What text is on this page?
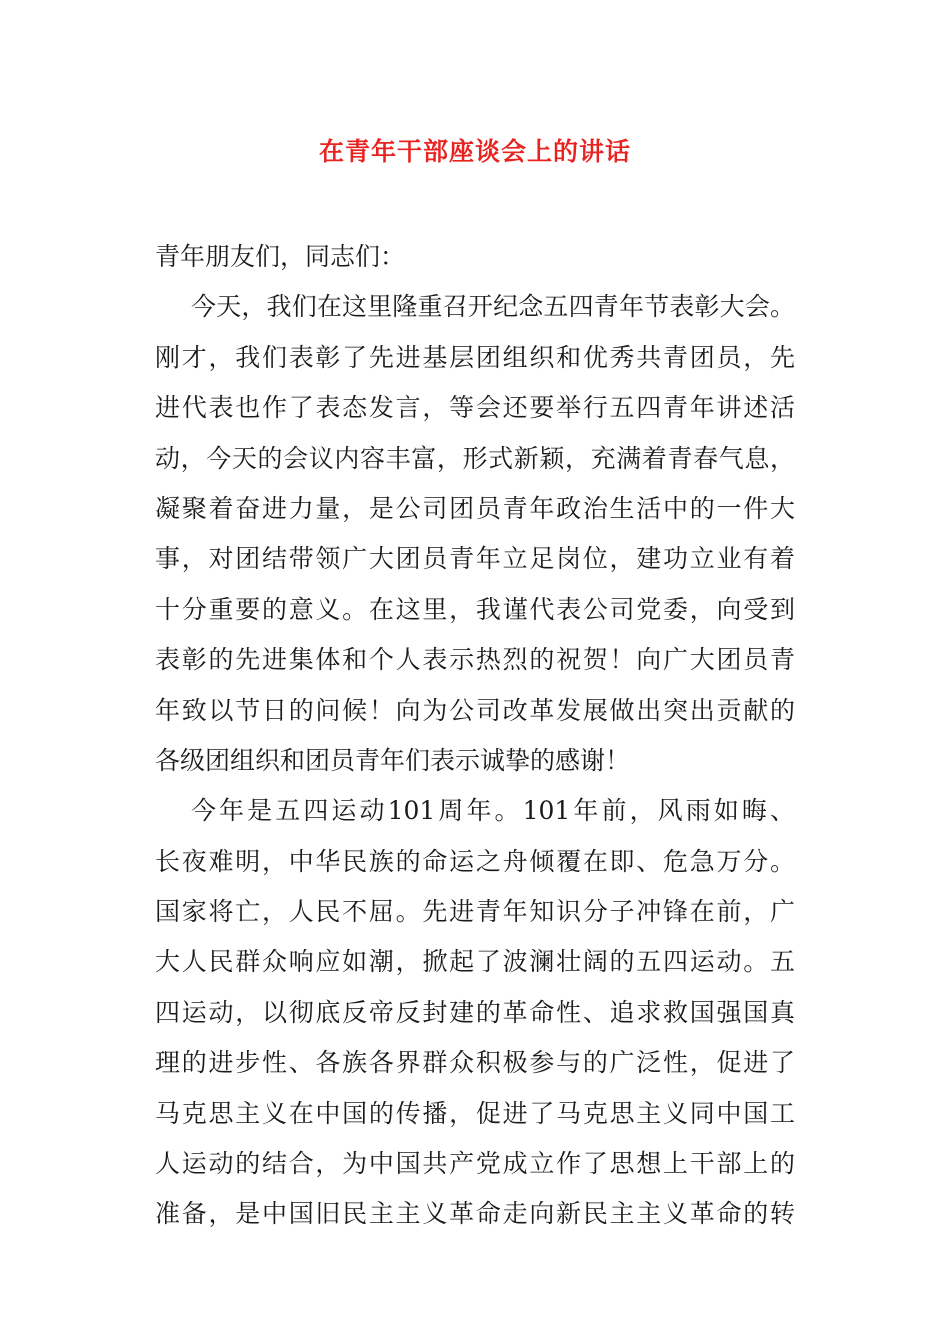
在青年干部座谈会上的讲话
青年朋友们，同志们：
今天，我们在这里隆重召开纪念五四青年节表彰大会。
刚才，我们表彰了先进基层团组织和优秀共青团员，先
进代表也作了表态发言，等会还要举行五四青年讲述活
动，今天的会议内容丰富，形式新颖，充满着青春气息，
凝聚着奋进力量，是公司团员青年政治生活中的一件大
事，对团结带领广大团员青年立足岗位，建功立业有着
十分重要的意义。在这里，我谨代表公司党委，向受到
表彰的先进集体和个人表示热烈的祝贺！向广大团员青
年致以节日的问候！向为公司改革发展做出突出贡献的
各级团组织和团员青年们表示诚挚的感谢！
今年是五四运动101周年。101年前，风雨如晦、
长夜难明，中华民族的命运之舟倾覆在即、危急万分。
国家将亡，人民不屈。先进青年知识分子冲锋在前，广
大人民群众响应如潮，掀起了波澜壮阔的五四运动。五
四运动，以彻底反帝反封建的革命性、追求救国强国真
理的进步性、各族各界群众积极参与的广泛性，促进了
马克思主义在中国的传播，促进了马克思主义同中国工
人运动的结合，为中国共产党成立作了思想上干部上的
准备，是中国旧民主主义革命走向新民主主义革命的转
